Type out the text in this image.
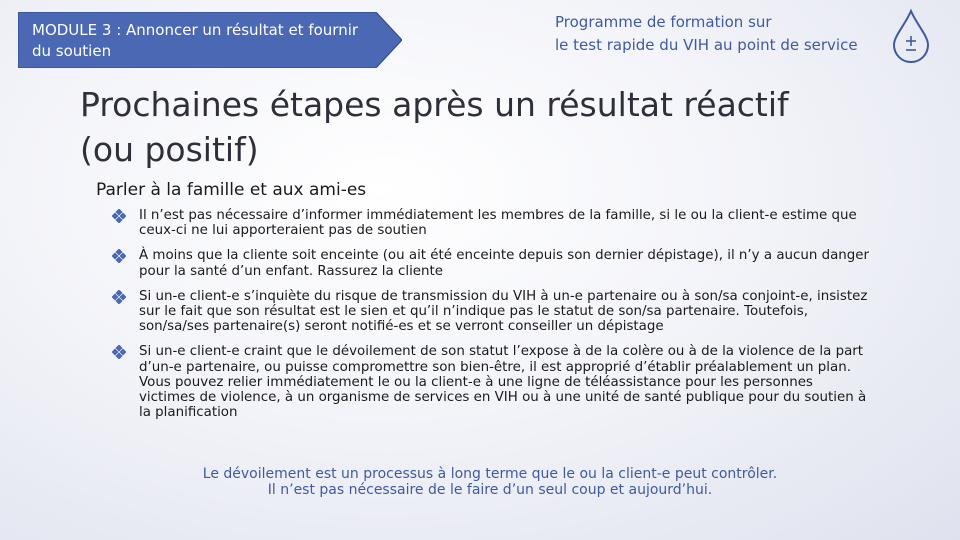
MODULE 3 : Annoncer un résultat et fournir du soutien
Programme de formation sur
le test rapide du VIH au point de service
Prochaines étapes après un résultat réactif
(ou positif)
Parler à la famille et aux ami-es
Il n’est pas nécessaire d’informer immédiatement les membres de la famille, si le ou la client-e estime que ceux-ci ne lui apporteraient pas de soutien
À moins que la cliente soit enceinte (ou ait été enceinte depuis son dernier dépistage), il n’y a aucun danger pour la santé d’un enfant. Rassurez la cliente
Si un-e client-e s’inquiète du risque de transmission du VIH à un-e partenaire ou à son/sa conjoint-e, insistez sur le fait que son résultat est le sien et qu’il n’indique pas le statut de son/sa partenaire. Toutefois, son/sa/ses partenaire(s) seront notifié-es et se verront conseiller un dépistage
Si un-e client-e craint que le dévoilement de son statut l’expose à de la colère ou à de la violence de la part d’un-e partenaire, ou puisse compromettre son bien-être, il est approprié d’établir préalablement un plan. Vous pouvez relier immédiatement le ou la client-e à une ligne de téléassistance pour les personnes victimes de violence, à un organisme de services en VIH ou à une unité de santé publique pour du soutien à la planification
Le dévoilement est un processus à long terme que le ou la client-e peut contrôler.
Il n’est pas nécessaire de le faire d’un seul coup et aujourd’hui.
